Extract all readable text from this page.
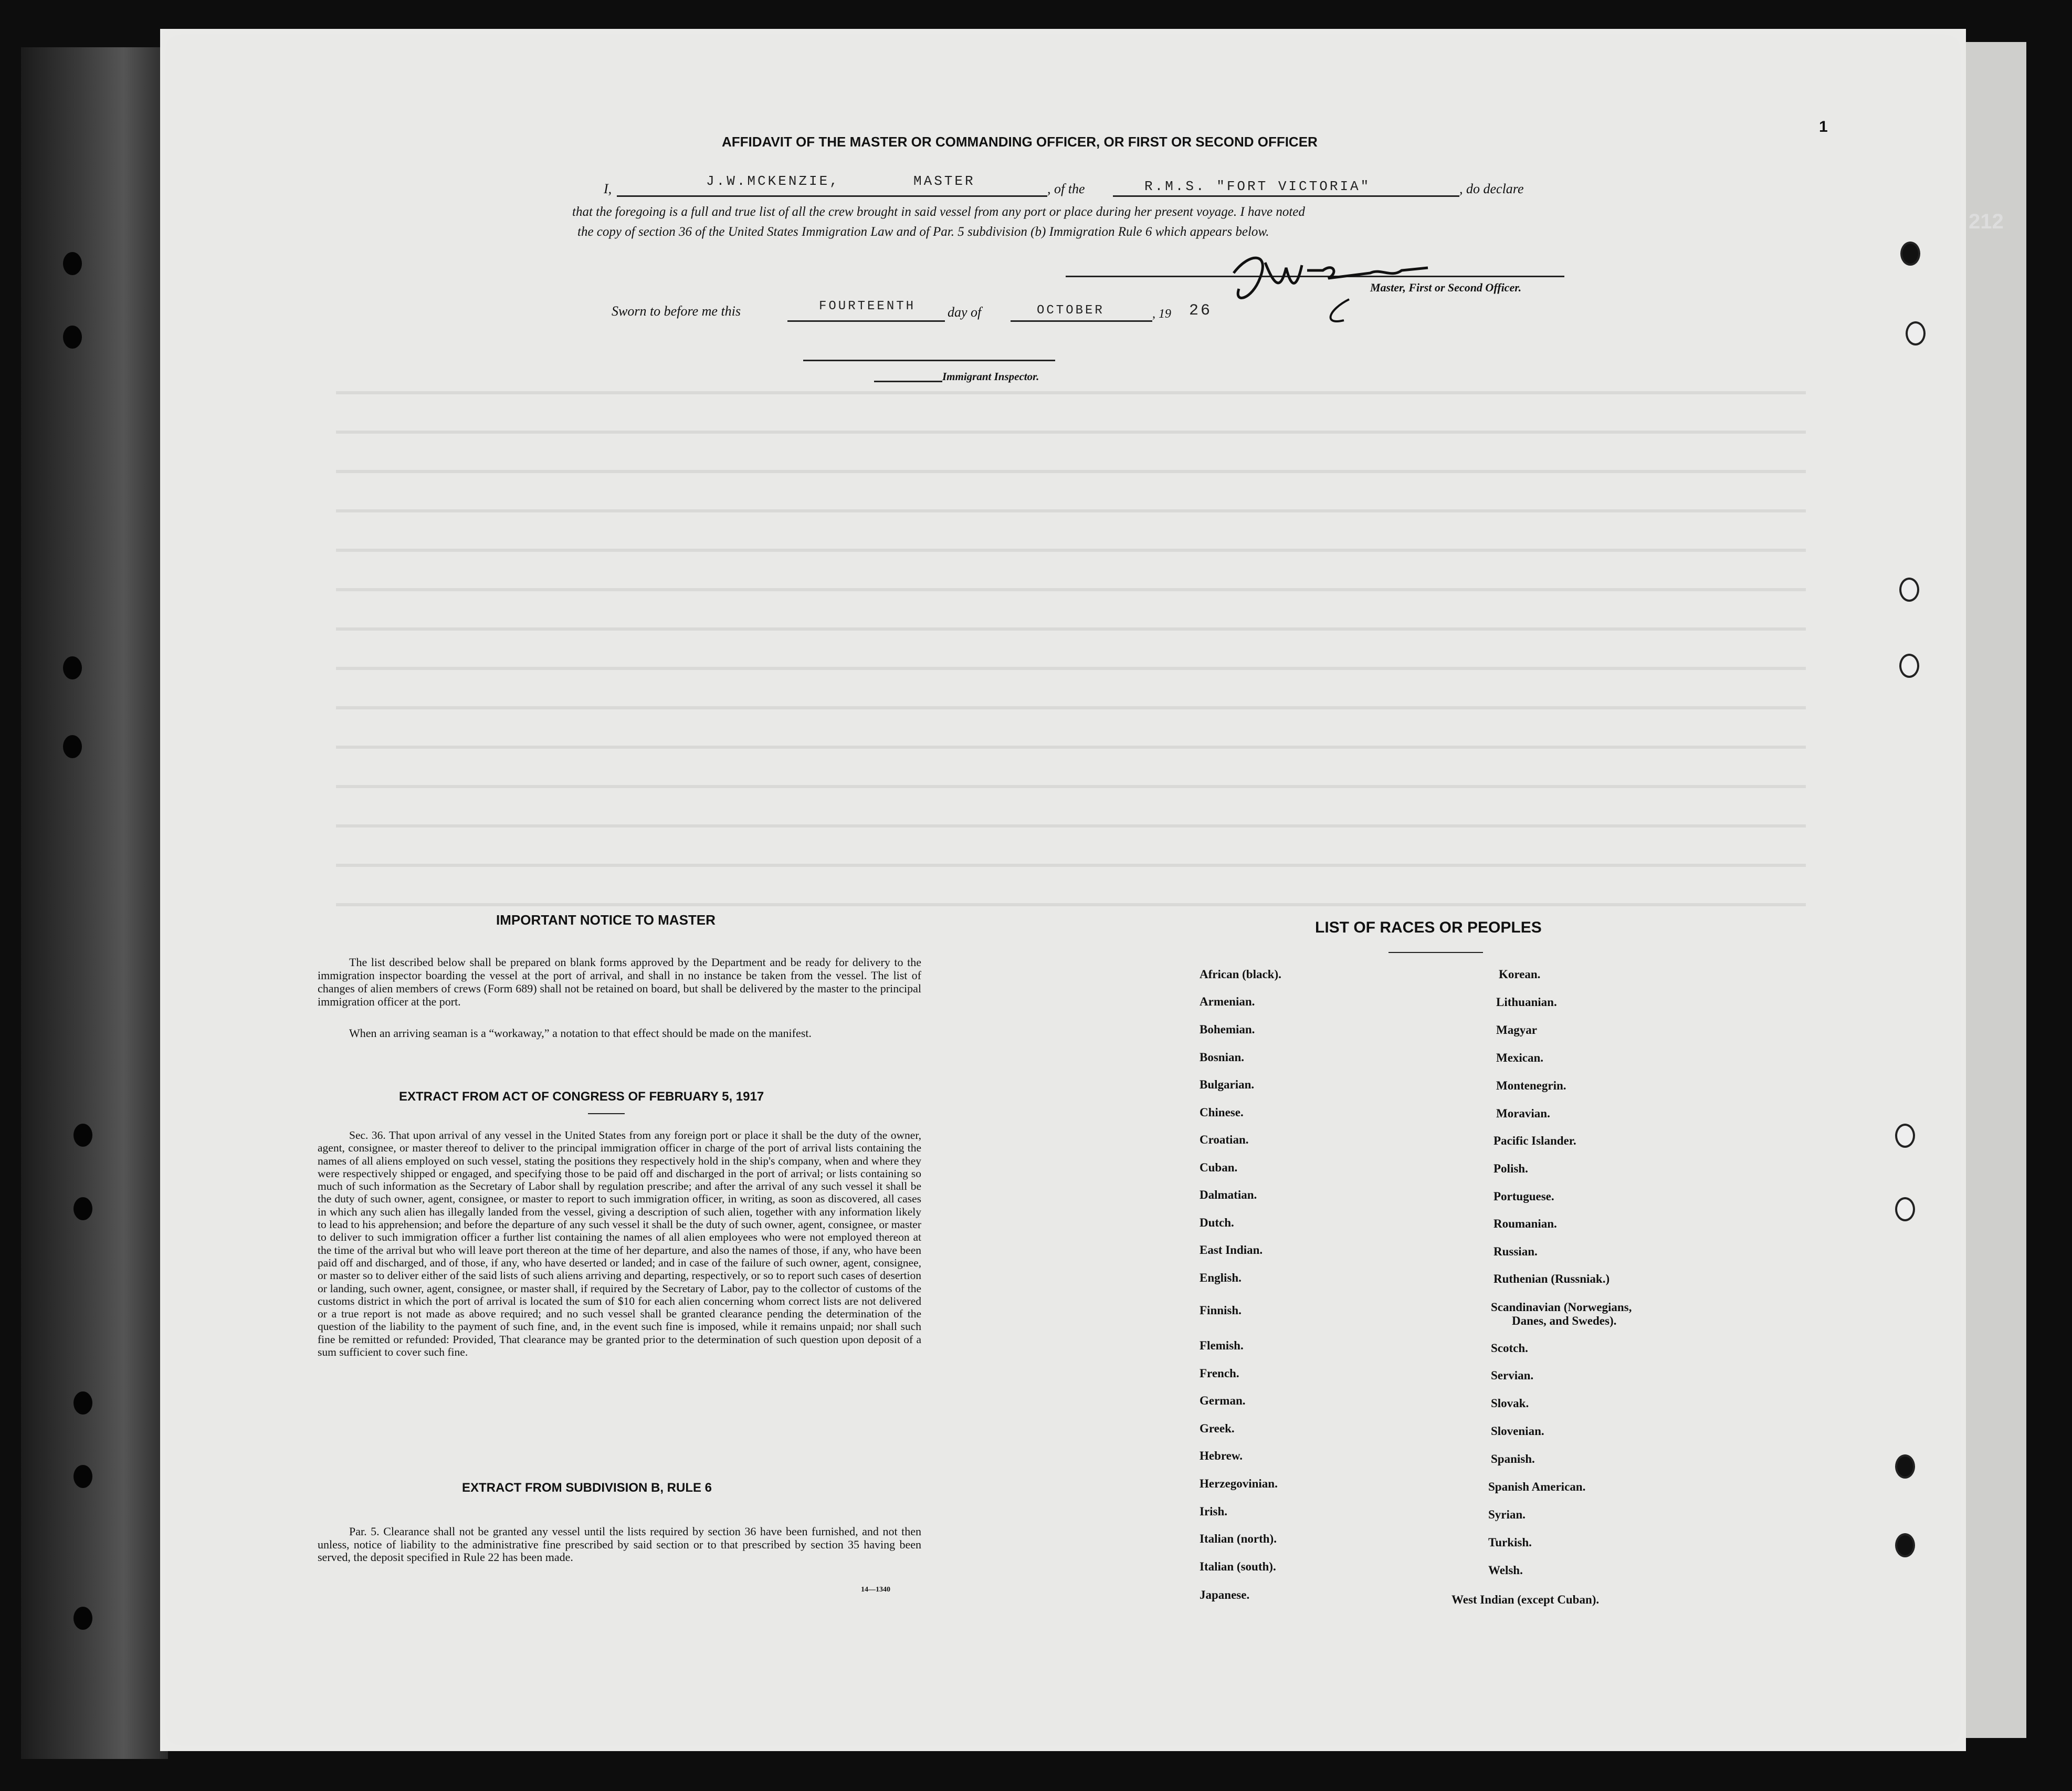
1
212
AFFIDAVIT OF THE MASTER OR COMMANDING OFFICER, OR FIRST OR SECOND OFFICER
I,	J.W.MCKENZIE,	MASTER	, of the	R.M.S. "FORT VICTORIA"	, do declare
that the foregoing is a full and true list of all the crew brought in said vessel from any port or place during her present voyage. I have noted
the copy of section 36 of the United States Immigration Law and of Par. 5 subdivision (b) Immigration Rule 6 which appears below.
Master, First or Second Officer.
Sworn to before me this	FOURTEENTH day of	OCTOBER	, 19 26
Immigrant Inspector.
IMPORTANT NOTICE TO MASTER
The list described below shall be prepared on blank forms approved by the Department and be ready for delivery to the immigration inspector boarding the vessel at the port of arrival, and shall in no instance be taken from the vessel. The list of changes of alien members of crews (Form 689) shall not be retained on board, but shall be delivered by the master to the principal immigration officer at the port.
When an arriving seaman is a “workaway,” a notation to that effect should be made on the manifest.
EXTRACT FROM ACT OF CONGRESS OF FEBRUARY 5, 1917
Sec. 36. That upon arrival of any vessel in the United States from any foreign port or place it shall be the duty of the owner, agent, consignee, or master thereof to deliver to the principal immigration officer in charge of the port of arrival lists containing the names of all aliens employed on such vessel, stating the positions they respectively hold in the ship's company, when and where they were respectively shipped or engaged, and specifying those to be paid off and discharged in the port of arrival; or lists containing so much of such information as the Secretary of Labor shall by regulation prescribe; and after the arrival of any such vessel it shall be the duty of such owner, agent, consignee, or master to report to such immigration officer, in writing, as soon as discovered, all cases in which any such alien has illegally landed from the vessel, giving a description of such alien, together with any information likely to lead to his apprehension; and before the departure of any such vessel it shall be the duty of such owner, agent, consignee, or master to deliver to such immigration officer a further list containing the names of all alien employees who were not employed thereon at the time of the arrival but who will leave port thereon at the time of her departure, and also the names of those, if any, who have been paid off and discharged, and of those, if any, who have deserted or landed; and in case of the failure of such owner, agent, consignee, or master so to deliver either of the said lists of such aliens arriving and departing, respectively, or so to report such cases of desertion or landing, such owner, agent, consignee, or master shall, if required by the Secretary of Labor, pay to the collector of customs of the customs district in which the port of arrival is located the sum of $10 for each alien concerning whom correct lists are not delivered or a true report is not made as above required; and no such vessel shall be granted clearance pending the determination of the question of the liability to the payment of such fine, and, in the event such fine is imposed, while it remains unpaid; nor shall such fine be remitted or refunded: Provided, That clearance may be granted prior to the determination of such question upon deposit of a sum sufficient to cover such fine.
EXTRACT FROM SUBDIVISION B, RULE 6
Par. 5. Clearance shall not be granted any vessel until the lists required by section 36 have been furnished, and not then unless, notice of liability to the administrative fine prescribed by said section or to that prescribed by section 35 having been served, the deposit specified in Rule 22 has been made.
14—1340
LIST OF RACES OR PEOPLES
African (black).
Armenian.
Bohemian.
Bosnian.
Bulgarian.
Chinese.
Croatian.
Cuban.
Dalmatian.
Dutch.
East Indian.
English.
Finnish.
Flemish.
French.
German.
Greek.
Hebrew.
Herzegovinian.
Irish.
Italian (north).
Italian (south).
Japanese.
Korean.
Lithuanian.
Magyar
Mexican.
Montenegrin.
Moravian.
Pacific Islander.
Polish.
Portuguese.
Roumanian.
Russian.
Ruthenian (Russniak.)
Scandinavian (Norwegians,
Danes, and Swedes).
Scotch.
Servian.
Slovak.
Slovenian.
Spanish.
Spanish American.
Syrian.
Turkish.
Welsh.
West Indian (except Cuban).
